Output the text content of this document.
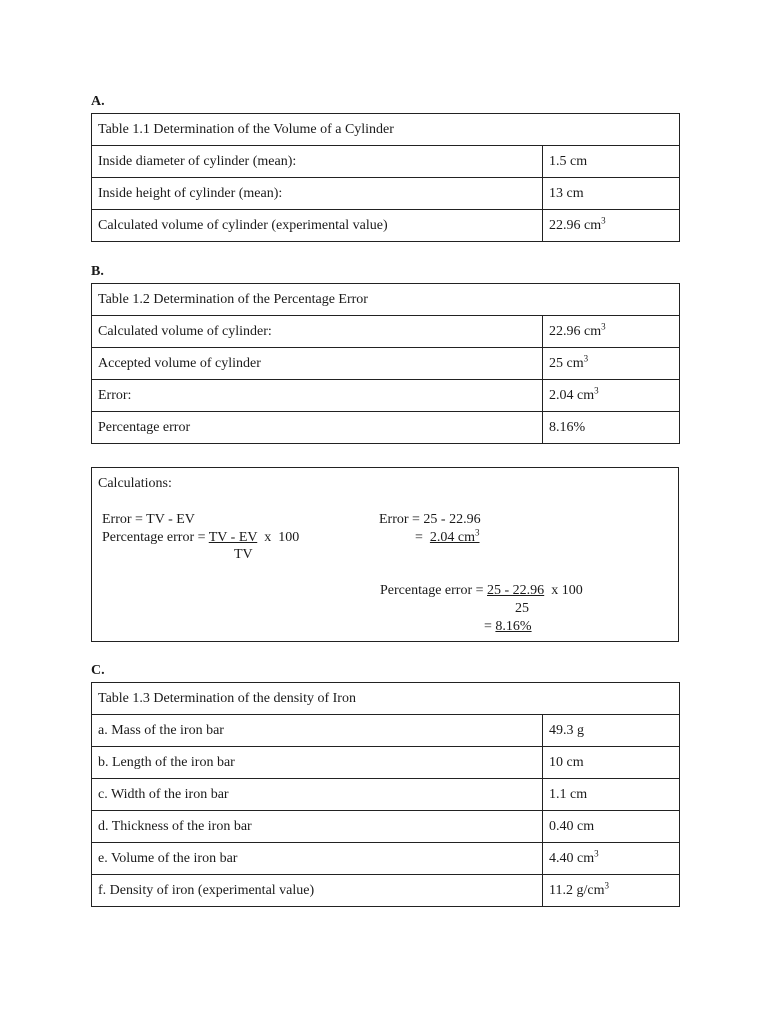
A.
Table 1.1 Determination of the Volume of a Cylinder	
Inside diameter of cylinder (mean):	1.5 cm
Inside height of cylinder (mean):	13 cm
Calculated volume of cylinder (experimental value)	22.96 $cm^3$
B.
Table 1.2 Determination of the Percentage Error	
Calculated volume of cylinder:	22.96 $cm^3$
Accepted volume of cylinder	25 $cm^3$
Error:	2.04 $cm^3$
Percentage error	8.16%
Calculations:
Error = TV - EV
Percentage error = TV - EV  x  100
TV
Error = 25 - 22.96
=  2.04 $cm^3$
Percentage error = 25 - 22.96  x 100
25
= 8.16%
C.
Table 1.3 Determination of the density of Iron	
a. Mass of the iron bar	49.3 g
b. Length of the iron bar	10 cm
c. Width of the iron bar	1.1 cm
d. Thickness of the iron bar	0.40 cm
e. Volume of the iron bar	4.40 $cm^3$
f. Density of iron (experimental value)	11.2 $g/cm^3$
